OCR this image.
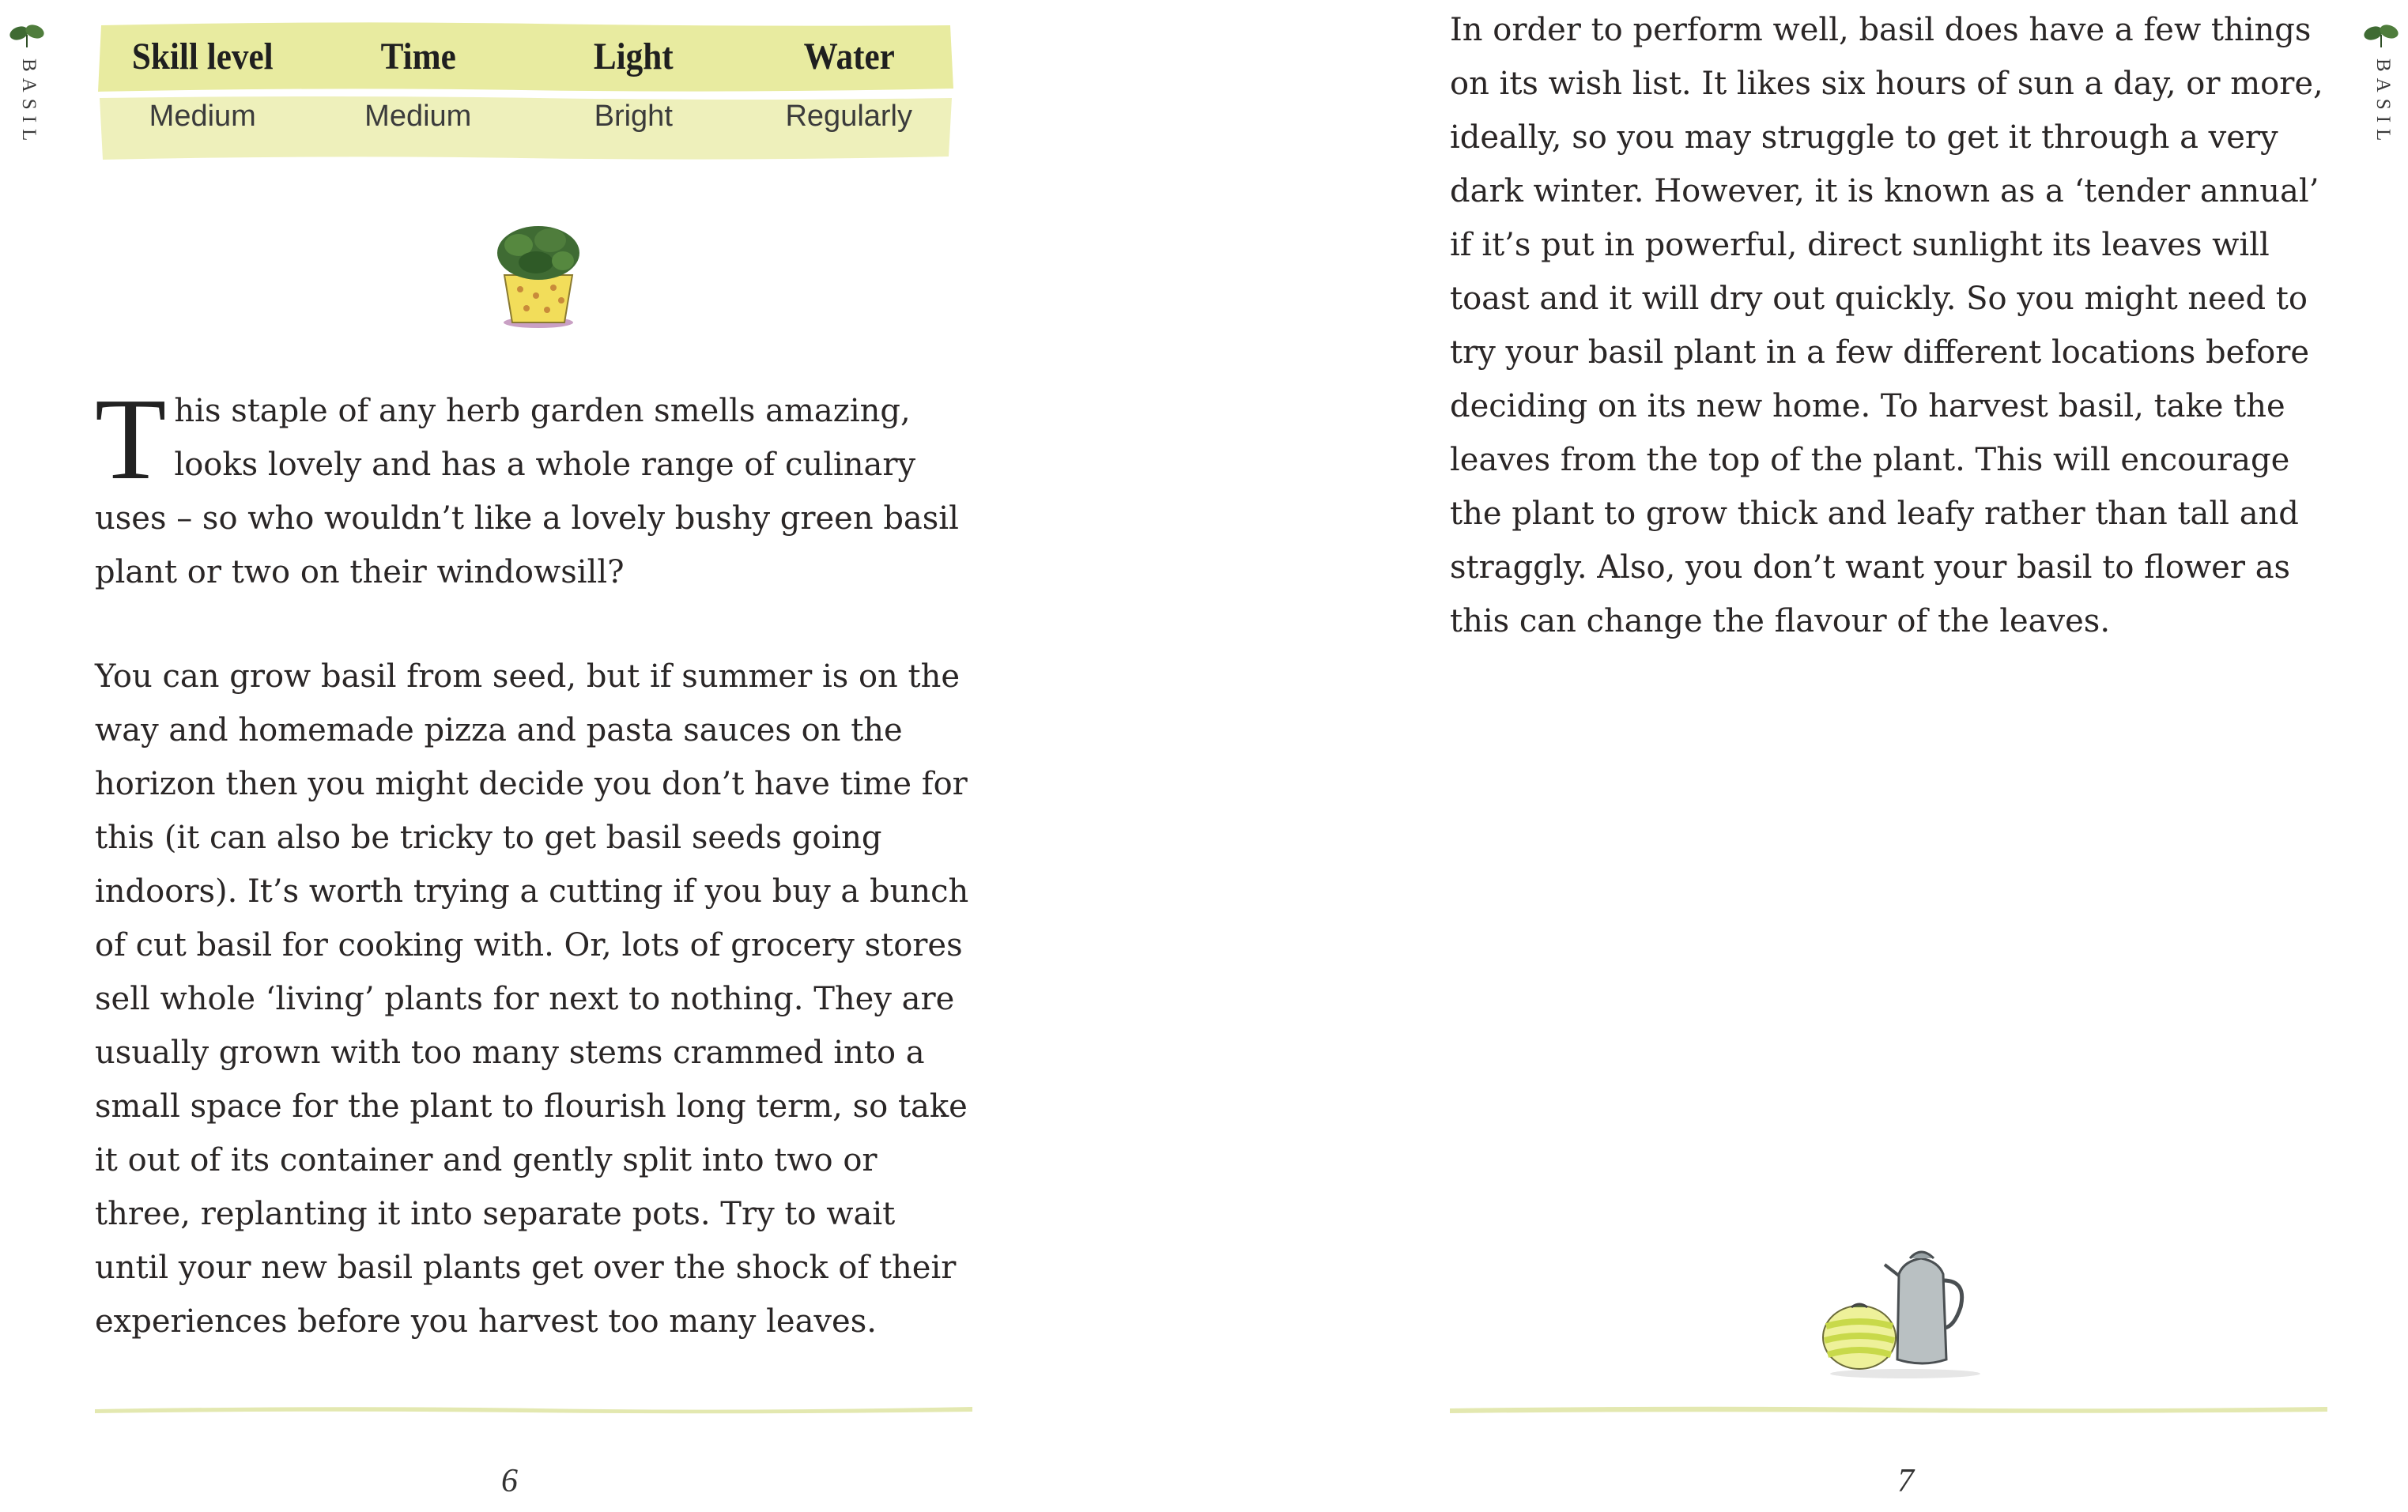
BASIL
Skill level	Time	Light	Water
Medium	Medium	Bright	Regularly

This staple of any herb garden smells amazing, looks lovely and has a whole range of culinary uses – so who wouldn’t like a lovely bushy green basil plant or two on their windowsill?

You can grow basil from seed, but if summer is on the way and homemade pizza and pasta sauces on the horizon then you might decide you don’t have time for this (it can also be tricky to get basil seeds going indoors). It’s worth trying a cutting if you buy a bunch of cut basil for cooking with. Or, lots of grocery stores sell whole ‘living’ plants for next to nothing. They are usually grown with too many stems crammed into a small space for the plant to flourish long term, so take it out of its container and gently split into two or three, replanting it into separate pots. Try to wait until your new basil plants get over the shock of their experiences before you harvest too many leaves.

6
BASIL

In order to perform well, basil does have a few things on its wish list. It likes six hours of sun a day, or more, ideally, so you may struggle to get it through a very dark winter. However, it is known as a ‘tender annual’ if it’s put in powerful, direct sunlight its leaves will toast and it will dry out quickly. So you might need to try your basil plant in a few different locations before deciding on its new home. To harvest basil, take the leaves from the top of the plant. This will encourage the plant to grow thick and leafy rather than tall and straggly. Also, you don’t want your basil to flower as this can change the flavour of the leaves.

7
